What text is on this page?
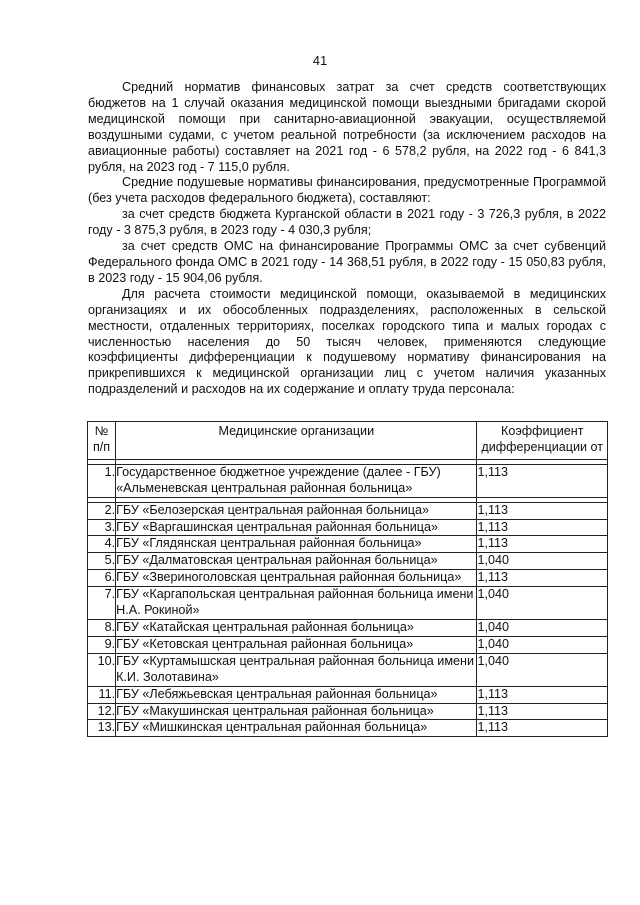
41

Средний норматив финансовых затрат за счет средств соответствующих бюджетов на 1 случай оказания медицинской помощи выездными бригадами скорой медицинской помощи при санитарно-авиационной эвакуации, осуществляемой воздушными судами, с учетом реальной потребности (за исключением расходов на авиационные работы) составляет на 2021 год - 6 578,2 рубля, на 2022 год - 6 841,3 рубля, на 2023 год - 7 115,0 рубля.

Средние подушевые нормативы финансирования, предусмотренные Программой (без учета расходов федерального бюджета), составляют:

за счет средств бюджета Курганской области в 2021 году - 3 726,3 рубля, в 2022 году - 3 875,3 рубля, в 2023 году - 4 030,3 рубля;

за счет средств ОМС на финансирование Программы ОМС за счет субвенций Федерального фонда ОМС в 2021 году - 14 368,51 рубля, в 2022 году - 15 050,83 рубля, в 2023 году - 15 904,06 рубля.

Для расчета стоимости медицинской помощи, оказываемой в медицинских организациях и их обособленных подразделениях, расположенных в сельской местности, отдаленных территориях, поселках городского типа и малых городах с численностью населения до 50 тысяч человек, применяются следующие коэффициенты дифференциации к подушевому нормативу финансирования на прикрепившихся к медицинской организации лиц с учетом наличия указанных подразделений и расходов на их содержание и оплату труда персонала:

№ п/п	Медицинские организации	Коэффициент дифференциации от

1.	Государственное бюджетное учреждение (далее - ГБУ) «Альменевская центральная районная больница»	1,113

2.	ГБУ «Белозерская центральная районная больница»	1,113
3.	ГБУ «Варгашинская центральная районная больница»	1,113
4.	ГБУ «Глядянская центральная районная больница»	1,113
5.	ГБУ «Далматовская центральная районная больница»	1,040
6.	ГБУ «Звериноголовская центральная районная больница»	1,113
7.	ГБУ «Каргапольская центральная районная больница имени Н.А. Рокиной»	1,040
8.	ГБУ «Катайская центральная районная больница»	1,040
9.	ГБУ «Кетовская центральная районная больница»	1,040
10.	ГБУ «Куртамышская центральная районная больница имени К.И. Золотавина»	1,040
11.	ГБУ «Лебяжьевская центральная районная больница»	1,113
12.	ГБУ «Макушинская центральная районная больница»	1,113
13.	ГБУ «Мишкинская центральная районная больница»	1,113
